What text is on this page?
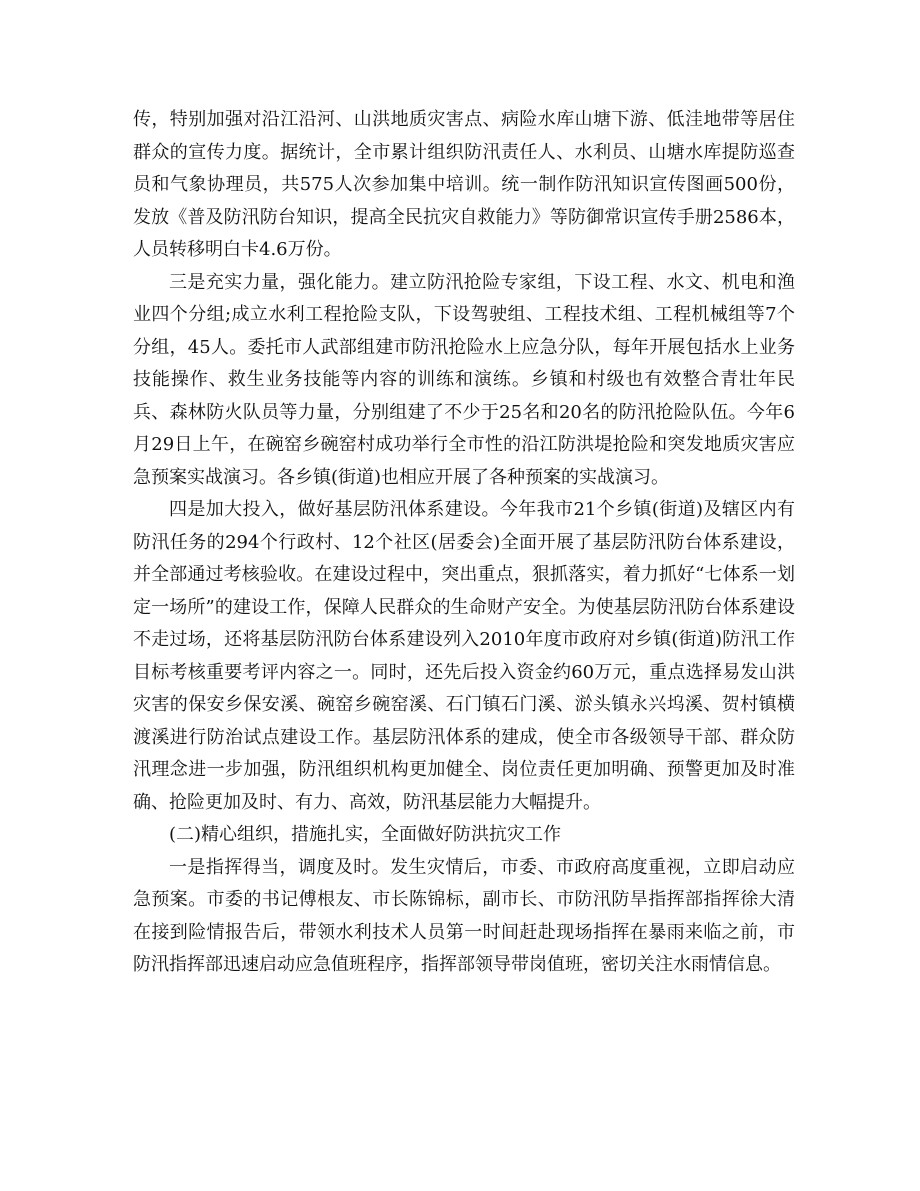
传，特别加强对沿江沿河、山洪地质灾害点、病险水库山塘下游、低洼地带等居住群众的宣传力度。据统计，全市累计组织防汛责任人、水利员、山塘水库提防巡查员和气象协理员，共575人次参加集中培训。统一制作防汛知识宣传图画500份，发放《普及防汛防台知识，提高全民抗灾自救能力》等防御常识宣传手册2586本，人员转移明白卡4.6万份。

三是充实力量，强化能力。建立防汛抢险专家组，下设工程、水文、机电和渔业四个分组;成立水利工程抢险支队，下设驾驶组、工程技术组、工程机械组等7个分组，45人。委托市人武部组建市防汛抢险水上应急分队，每年开展包括水上业务技能操作、救生业务技能等内容的训练和演练。乡镇和村级也有效整合青壮年民兵、森林防火队员等力量，分别组建了不少于25名和20名的防汛抢险队伍。今年6月29日上午，在碗窑乡碗窑村成功举行全市性的沿江防洪堤抢险和突发地质灾害应急预案实战演习。各乡镇(街道)也相应开展了各种预案的实战演习。

四是加大投入，做好基层防汛体系建设。今年我市21个乡镇(街道)及辖区内有防汛任务的294个行政村、12个社区(居委会)全面开展了基层防汛防台体系建设，并全部通过考核验收。在建设过程中，突出重点，狠抓落实，着力抓好“七体系一划定一场所”的建设工作，保障人民群众的生命财产安全。为使基层防汛防台体系建设不走过场，还将基层防汛防台体系建设列入2010年度市政府对乡镇(街道)防汛工作目标考核重要考评内容之一。同时，还先后投入资金约60万元，重点选择易发山洪灾害的保安乡保安溪、碗窑乡碗窑溪、石门镇石门溪、淤头镇永兴坞溪、贺村镇横渡溪进行防治试点建设工作。基层防汛体系的建成，使全市各级领导干部、群众防汛理念进一步加强，防汛组织机构更加健全、岗位责任更加明确、预警更加及时准确、抢险更加及时、有力、高效，防汛基层能力大幅提升。

(二)精心组织，措施扎实，全面做好防洪抗灾工作

一是指挥得当，调度及时。发生灾情后，市委、市政府高度重视，立即启动应急预案。市委的书记傅根友、市长陈锦标，副市长、市防汛防旱指挥部指挥徐大清在接到险情报告后，带领水利技术人员第一时间赶赴现场指挥在暴雨来临之前，市防汛指挥部迅速启动应急值班程序，指挥部领导带岗值班，密切关注水雨情信息。
